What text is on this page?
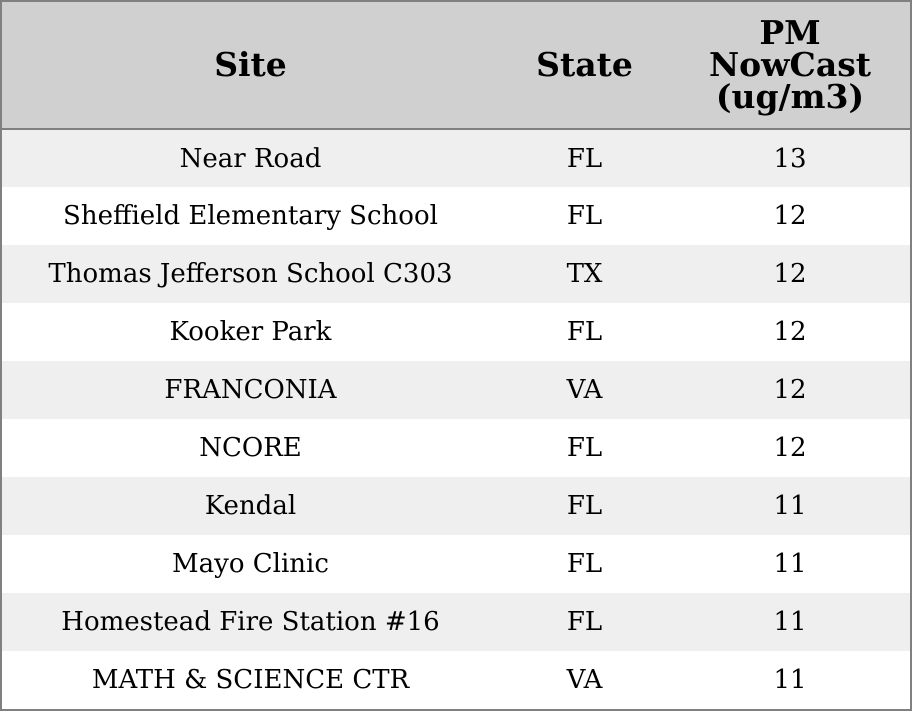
Site	State	PM
NowCast
(ug/m3)
Near Road	FL	13
Sheffield Elementary School	FL	12
Thomas Jefferson School C303	TX	12
Kooker Park	FL	12
FRANCONIA	VA	12
NCORE	FL	12
Kendal	FL	11
Mayo Clinic	FL	11
Homestead Fire Station #16	FL	11
MATH & SCIENCE CTR	VA	11
